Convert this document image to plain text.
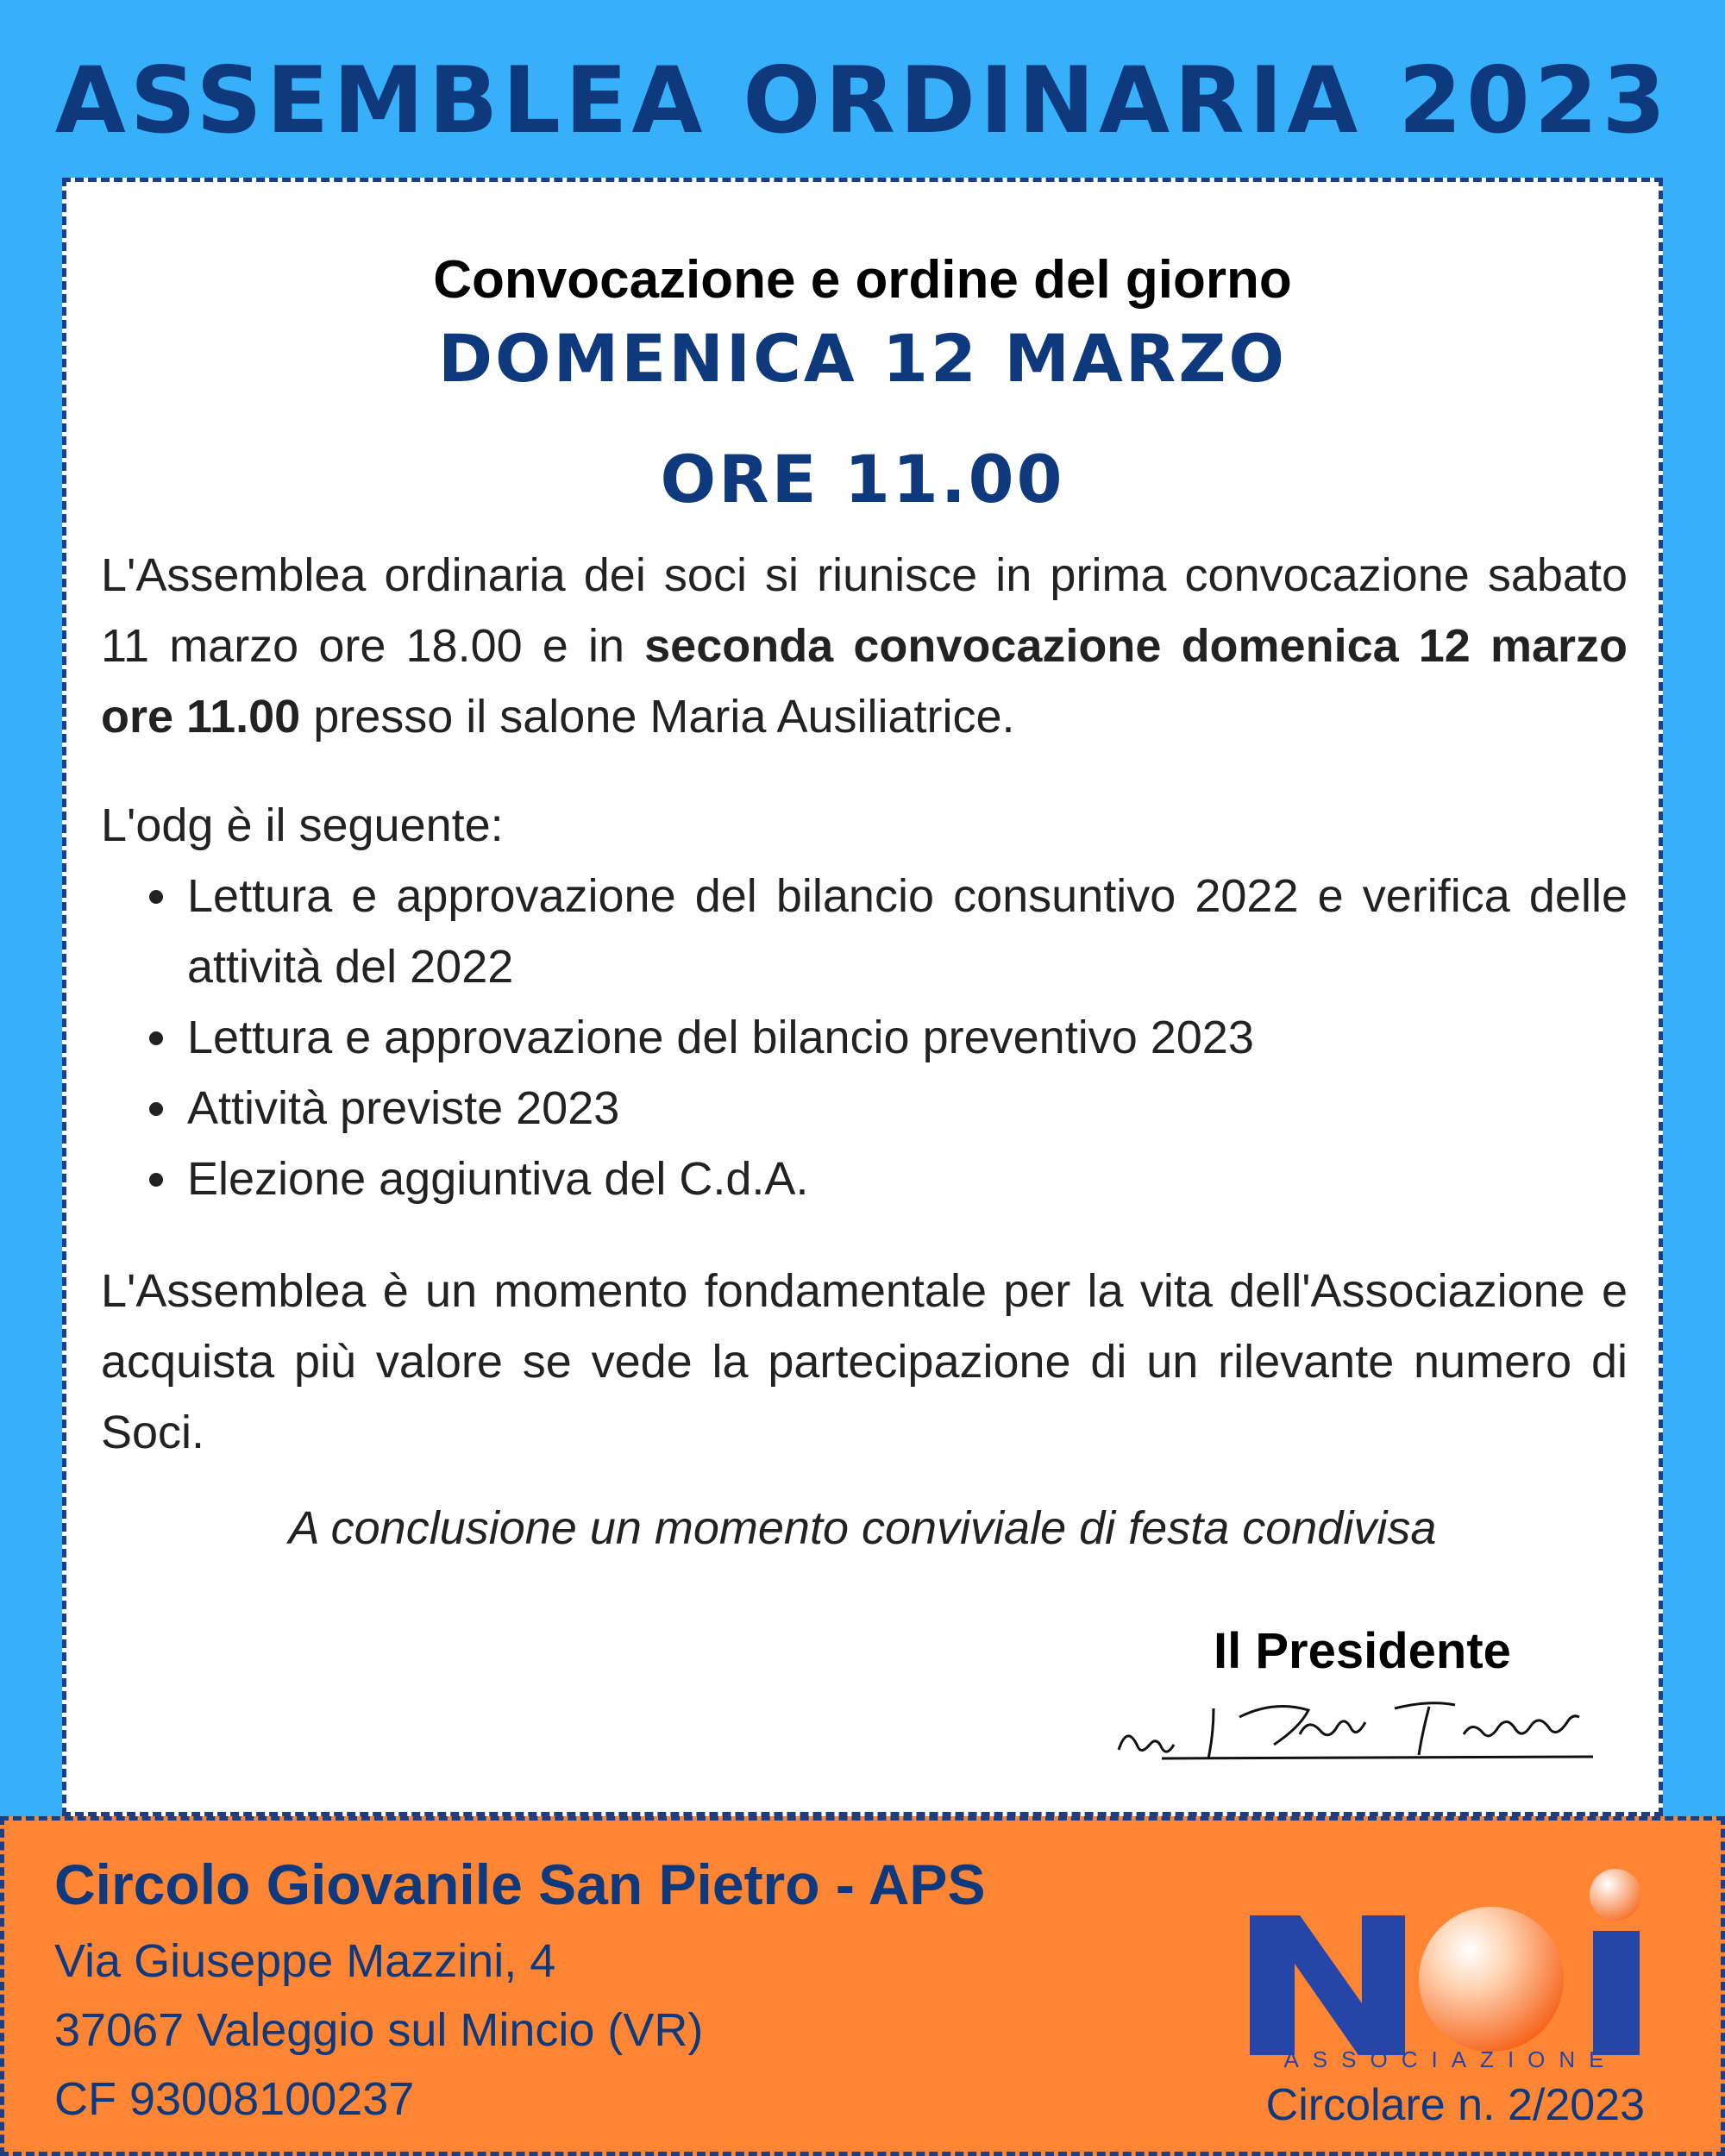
ASSEMBLEA ORDINARIA 2023
Convocazione e ordine del giorno
DOMENICA 12 MARZO
ORE 11.00
L'Assemblea ordinaria dei soci si riunisce in prima convocazione sabato 11 marzo ore 18.00 e in seconda convocazione domenica 12 marzo ore 11.00 presso il salone Maria Ausiliatrice.
L'odg è il seguente:
Lettura e approvazione del bilancio consuntivo 2022 e verifica delle attività del 2022
Lettura e approvazione del bilancio preventivo 2023
Attività previste 2023
Elezione aggiuntiva del C.d.A.
L'Assemblea è un momento fondamentale per la vita dell'Associazione e acquista più valore se vede la partecipazione di un rilevante numero di Soci.
A conclusione un momento conviviale di festa condivisa
Il Presidente
Circolo Giovanile San Pietro - APS
Via Giuseppe Mazzini, 4
37067 Valeggio sul Mincio (VR)
CF 93008100237
ASSOCIAZIONE
Circolare n. 2/2023
